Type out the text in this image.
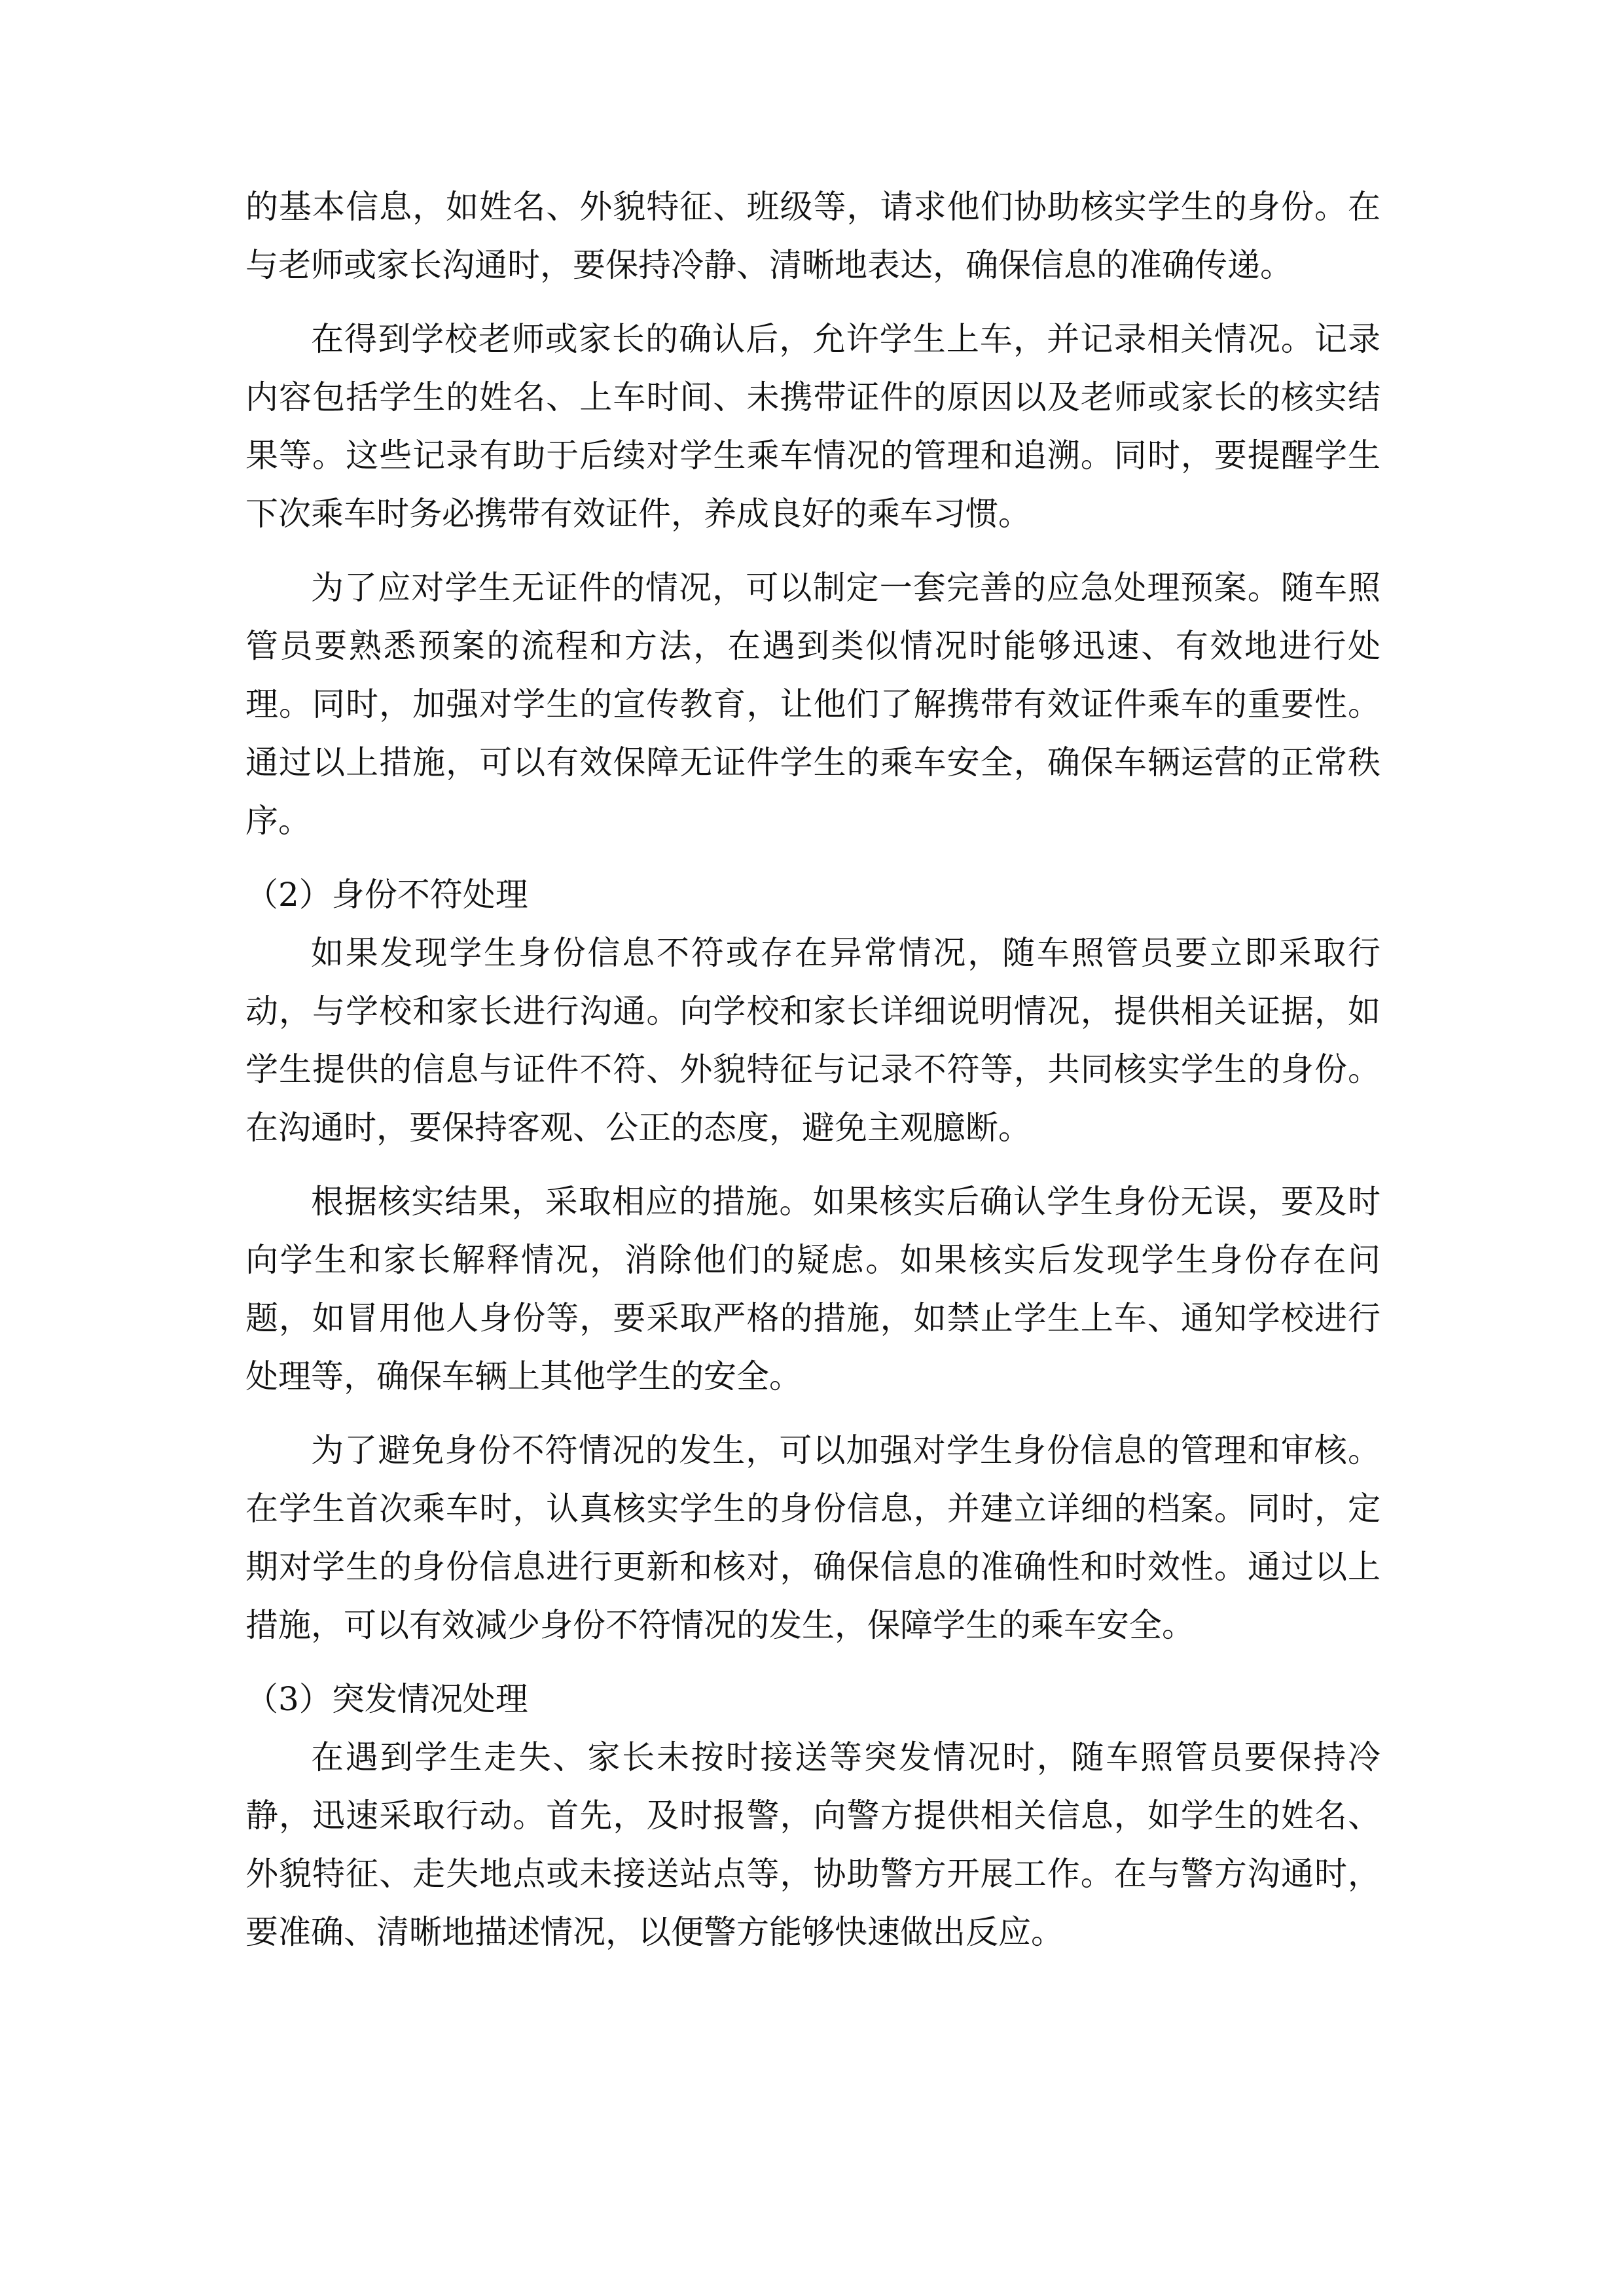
的基本信息，如姓名、外貌特征、班级等，请求他们协助核实学生的身份。在与老师或家长沟通时，要保持冷静、清晰地表达，确保信息的准确传递。

在得到学校老师或家长的确认后，允许学生上车，并记录相关情况。记录内容包括学生的姓名、上车时间、未携带证件的原因以及老师或家长的核实结果等。这些记录有助于后续对学生乘车情况的管理和追溯。同时，要提醒学生下次乘车时务必携带有效证件，养成良好的乘车习惯。

为了应对学生无证件的情况，可以制定一套完善的应急处理预案。随车照管员要熟悉预案的流程和方法，在遇到类似情况时能够迅速、有效地进行处理。同时，加强对学生的宣传教育，让他们了解携带有效证件乘车的重要性。通过以上措施，可以有效保障无证件学生的乘车安全，确保车辆运营的正常秩序。

（2）身份不符处理

如果发现学生身份信息不符或存在异常情况，随车照管员要立即采取行动，与学校和家长进行沟通。向学校和家长详细说明情况，提供相关证据，如学生提供的信息与证件不符、外貌特征与记录不符等，共同核实学生的身份。在沟通时，要保持客观、公正的态度，避免主观臆断。

根据核实结果，采取相应的措施。如果核实后确认学生身份无误，要及时向学生和家长解释情况，消除他们的疑虑。如果核实后发现学生身份存在问题，如冒用他人身份等，要采取严格的措施，如禁止学生上车、通知学校进行处理等，确保车辆上其他学生的安全。

为了避免身份不符情况的发生，可以加强对学生身份信息的管理和审核。在学生首次乘车时，认真核实学生的身份信息，并建立详细的档案。同时，定期对学生的身份信息进行更新和核对，确保信息的准确性和时效性。通过以上措施，可以有效减少身份不符情况的发生，保障学生的乘车安全。

（3）突发情况处理

在遇到学生走失、家长未按时接送等突发情况时，随车照管员要保持冷静，迅速采取行动。首先，及时报警，向警方提供相关信息，如学生的姓名、外貌特征、走失地点或未接送站点等，协助警方开展工作。在与警方沟通时，要准确、清晰地描述情况，以便警方能够快速做出反应。
